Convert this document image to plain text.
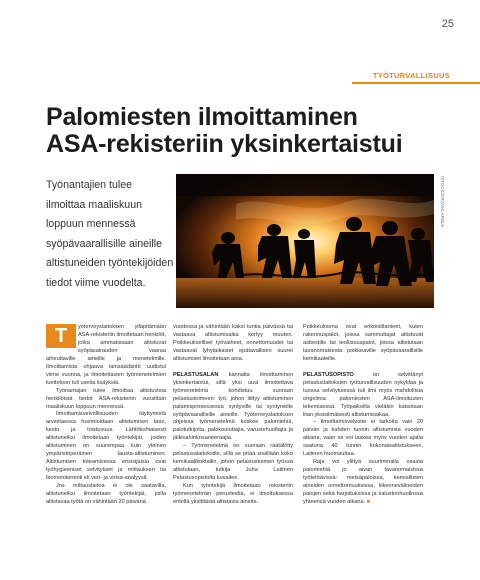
25
TYÖTURVALLISUUS
Palomiesten ilmoittaminen
ASA-rekisteriin yksinkertaistui

Työnantajien tulee ilmoittaa maaliskuun loppuun mennessä syöpävaarallisille aineille altistuneiden työntekijöiden tiedot viime vuodelta.

ISTOCK/GROVKLARBLE

T	yöterveyslaitoksen ylläpitämään ASA-rekisteriin ilmoitetaan henkilöt, jotka ammatissaan altistuvat syöpäsairauden vaaraa aiheuttaville aineille ja menetelmille. Ilmoittamista ohjaava lainsäädäntö uudistui viime vuonna, ja ilmoitettavien työmenetelmien luetteloon tuli useita lisäyksiä.

Työnantajan tulee ilmoittaa altistuvista henkilöistä tiedot ASA-rekisteriin vuosittain maaliskuun loppuun mennessä.

Ilmoittamisvelvollisuuden täyttymistä arvioitaessa huomioidaan altistumisen taso, kesto ja toistuvuus. Lähtökohtaisesti altistuneiksi ilmoitetaan työntekijät, joiden altistuminen on suurempaa kuin yleinen ympäristöperäinen tausta-altistuminen. Altistumisen toteamisessa ensisijaisia ovat työhygieeniset selvitykset ja mittauksen tai biomonitorointi eli veri- ja virtsa-analyysit.

Jos mittaustietoa ei ole saatavilla, altistuneiksi ilmoitetaan työntekijät, joilla altistavaa työtä on vähintään 20 päivänä

vuodessa ja vähintään kaksi tuntia päivässä tai vastaava altistumisaika kertyy muuten. Poikkeuksellisel työvaiheet, onnettomuudet tai vastaavat lyhytaikaiset epätavallisen suuret altistumiset ilmoitetaan aina.

PELASTUSALAN kannalta ilmoittaminen yksinkertaistui, sillä yksi uusi ilmoitettava työmenetelmä kohdistuu suoraan pelastustoimeen: työ, johon liittyy altistuminen palamisprosessessa syntyville tai syntyneille syöpävaarallisille aineille. Työterveyslaitoksen ohjeissa työmenetelmä koskee palomiehiä, palotutkijoita, palokouluttajia, varustehuoltajia ja jälkivahinkosaneeraajia.

– Työmenetelmä on suoraan räätälöity pelastusalaitoksille, sillä se pitää sisällään koko kemikaalikoktailin, johon pelastustoimen työssä altistutaan, tutkija Juha Laitinen Pelastusopistolta kuvailee.

Kun työntekijä ilmoitetaan rekisteriin työmenetelmän perusteella, ei ilmoituksessa eritellä yksittäisiä altistavia aineita.

Poikkeuksena ovat erikoistilanteet, kuten rakennuspalot, joissa sammuttajat altistuvat asbestille tai teollisuuspalot, joissa altistutaan tavanomaisesta poikkeaville syöpävaarallisille kemikaaleille.

PELASTUSOPISTO	on selvittänyt pelastuslaitoksien työturvallisuuden nykytilaa ja tuossa selvityksessä tuli ilmi myös mahdollisia ongelmia palomiesten ASA-ilmoitusten tekemisessä. Työpaikoilla vieläkin katsotaan liian yksisilmäisesti altistumisaikaa.

– Ilmoittamisvelvoite ei tarkoita vain 20 päivän ja kahden tunnin altistumista vuoden aikana, vaan se voi laskea myös vuoden ajalta saatuna 40 tunnin kokonaisaltistukseen, Laitinen huomauttaa.

Raja voi ylittyä suurimmalla osasta palomiehiä jo aivan tavanomaisissa työtehtävissä: metsäpaloissa, kemiallisten aineiden onnettomuuksissa, liikennevälineiden palojen sekä harjoituksissa ja kalustonhuollossa yhteensä vuoden aikana. ■
